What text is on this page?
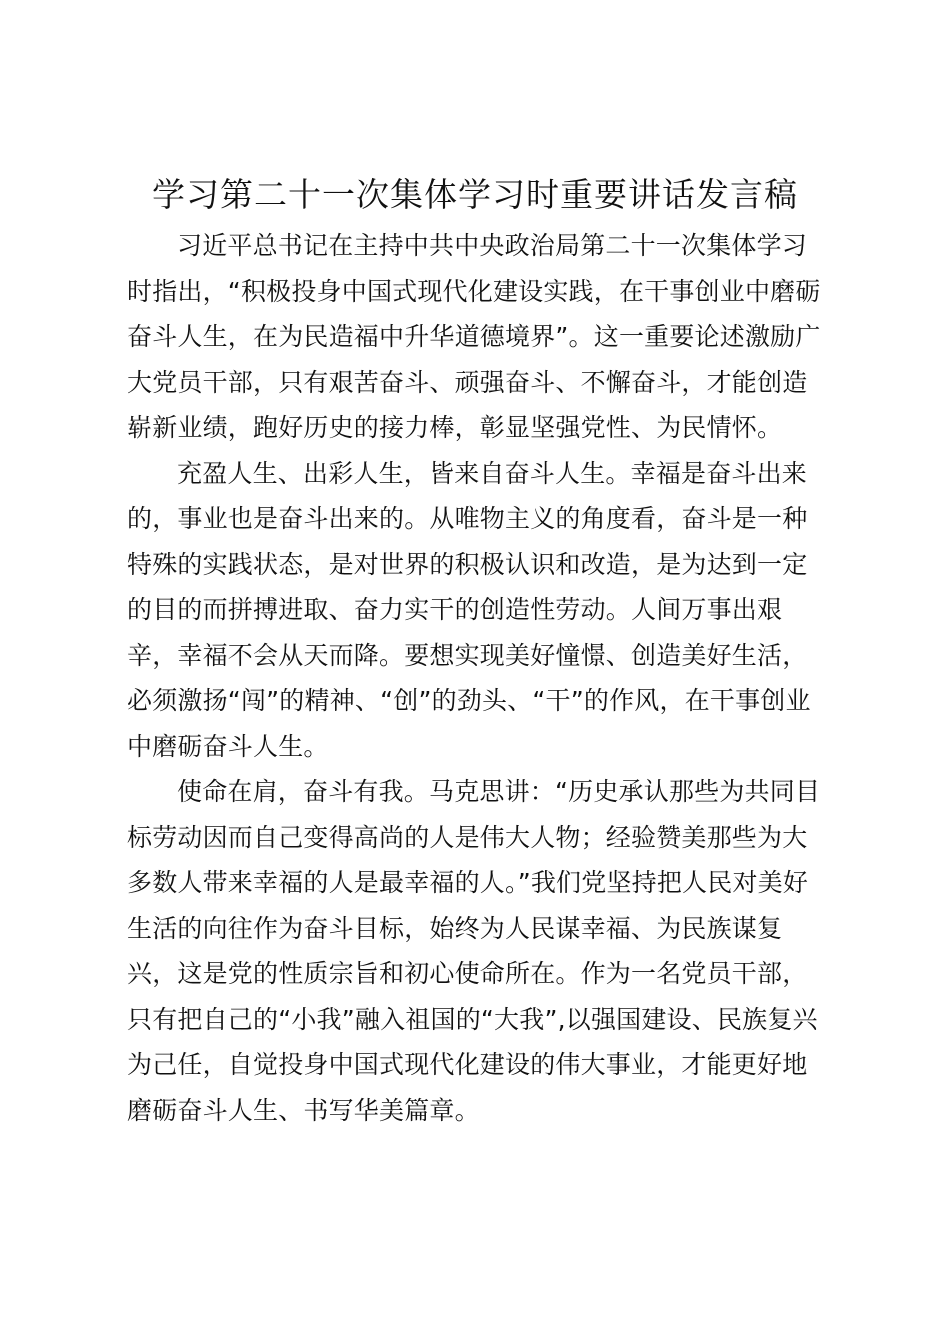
学习第二十一次集体学习时重要讲话发言稿

习近平总书记在主持中共中央政治局第二十一次集体学习
时指出，“积极投身中国式现代化建设实践，在干事创业中磨砺
奋斗人生，在为民造福中升华道德境界”。这一重要论述激励广
大党员干部，只有艰苦奋斗、顽强奋斗、不懈奋斗，才能创造
崭新业绩，跑好历史的接力棒，彰显坚强党性、为民情怀。

充盈人生、出彩人生，皆来自奋斗人生。幸福是奋斗出来
的，事业也是奋斗出来的。从唯物主义的角度看，奋斗是一种
特殊的实践状态，是对世界的积极认识和改造，是为达到一定
的目的而拼搏进取、奋力实干的创造性劳动。人间万事出艰
辛，幸福不会从天而降。要想实现美好憧憬、创造美好生活，
必须激扬“闯”的精神、“创”的劲头、“干”的作风，在干事创业
中磨砺奋斗人生。

使命在肩，奋斗有我。马克思讲：“历史承认那些为共同目
标劳动因而自己变得高尚的人是伟大人物；经验赞美那些为大
多数人带来幸福的人是最幸福的人。”我们党坚持把人民对美好
生活的向往作为奋斗目标，始终为人民谋幸福、为民族谋复
兴，这是党的性质宗旨和初心使命所在。作为一名党员干部，
只有把自己的“小我”融入祖国的“大我”,以强国建设、民族复兴
为己任，自觉投身中国式现代化建设的伟大事业，才能更好地
磨砺奋斗人生、书写华美篇章。
